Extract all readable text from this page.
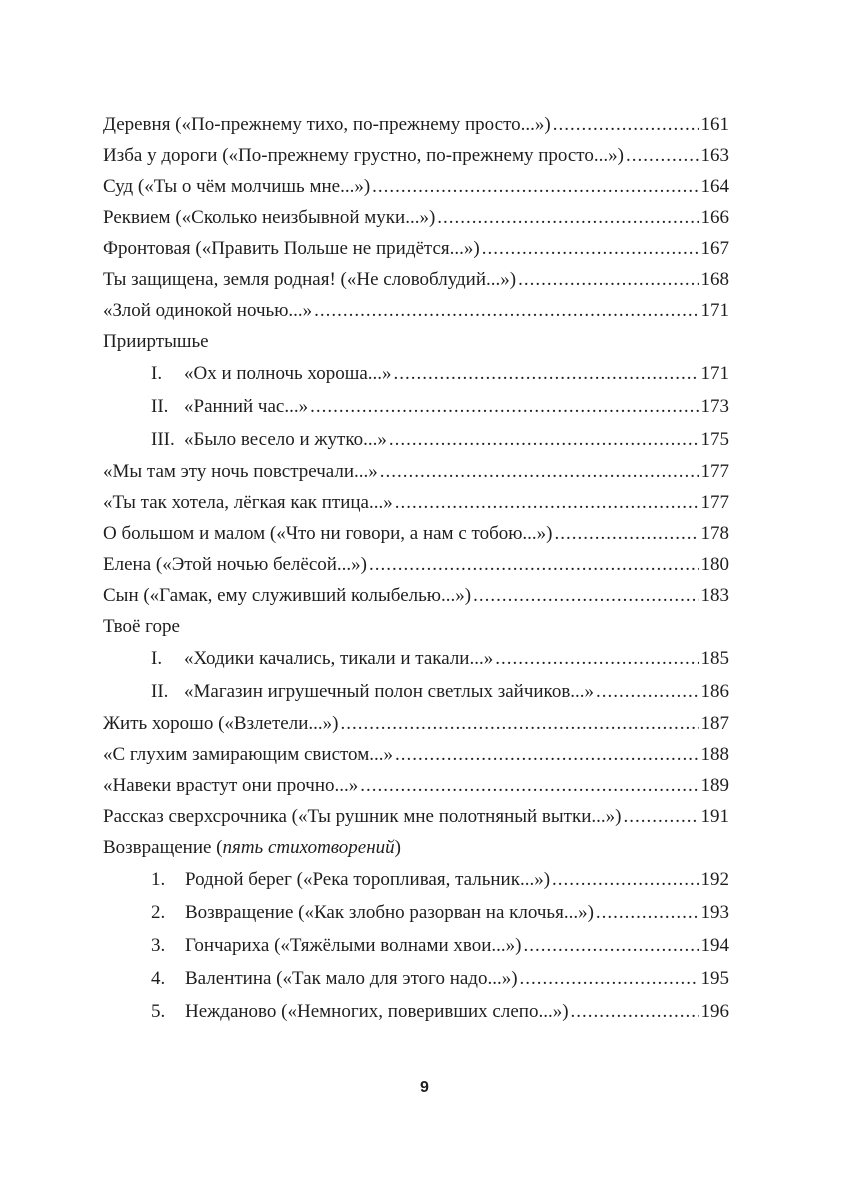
Деревня («По-прежнему тихо, по-прежнему просто...») .....	161
Изба у дороги («По-прежнему грустно, по-прежнему просто...») .....	163
Суд («Ты о чём молчишь мне...») .....	164
Реквием («Сколько неизбывной муки...») .....	166
Фронтовая («Править Польше не придётся...») .....	167
Ты защищена, земля родная! («Не словоблудий...») .....	168
«Злой одинокой ночью...» .....	171
Прииртышье
I.	«Ох и полночь хороша...» .....	171
II. «Ранний час...» .....	173
III. «Было весело и жутко...» .....	175
«Мы там эту ночь повстречали...» .....	177
«Ты так хотела, лёгкая как птица...» .....	177
О большом и малом («Что ни говори, а нам с тобою...») .....	178
Елена («Этой ночью белёсой...») .....	180
Сын («Гамак, ему служивший колыбелью...») .....	183
Твоё горе
I.	«Ходики качались, тикали и такали...» .....	185
II. «Магазин игрушечный полон светлых зайчиков...» .....	186
Жить хорошо («Взлетели...») .....	187
«С глухим замирающим свистом...» .....	188
«Навеки врастут они прочно...» .....	189
Рассказ сверхсрочника («Ты рушник мне полотняный вытки...») .....	191
Возвращение (пять стихотворений)
1.	Родной берег («Река торопливая, тальник...») .....	192
2.	Возвращение («Как злобно разорван на клочья...») .....	193
3.	Гончариха («Тяжёлыми волнами хвои...») .....	194
4.	Валентина («Так мало для этого надо...») .....	195
5.	Нежданово («Немногих, поверивших слепо...») .....	196
9
